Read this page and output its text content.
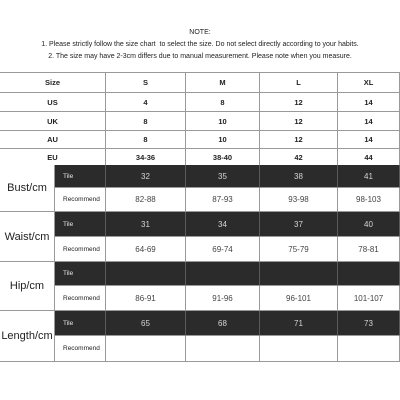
NOTE:
1. Please strictly follow the size chart  to select the size. Do not select directly according to your habits.
2. The size may have 2-3cm differs due to manual measurement. Please note when you measure.
Size	S	M	L	XL
US	4	8	12	14
UK	8	10	12	14
AU	8	10	12	14
EU	34-36	38-40	42	44
Bust/cm
Tile	32	35	38	41
Recommend	82-88	87-93	93-98	98-103
Waist/cm
Tile	31	34	37	40
Recommend	64-69	69-74	75-79	78-81
Hip/cm
Tile
Recommend	86-91	91-96	96-101	101-107
Length/cm
Tile	65	68	71	73
Recommend
